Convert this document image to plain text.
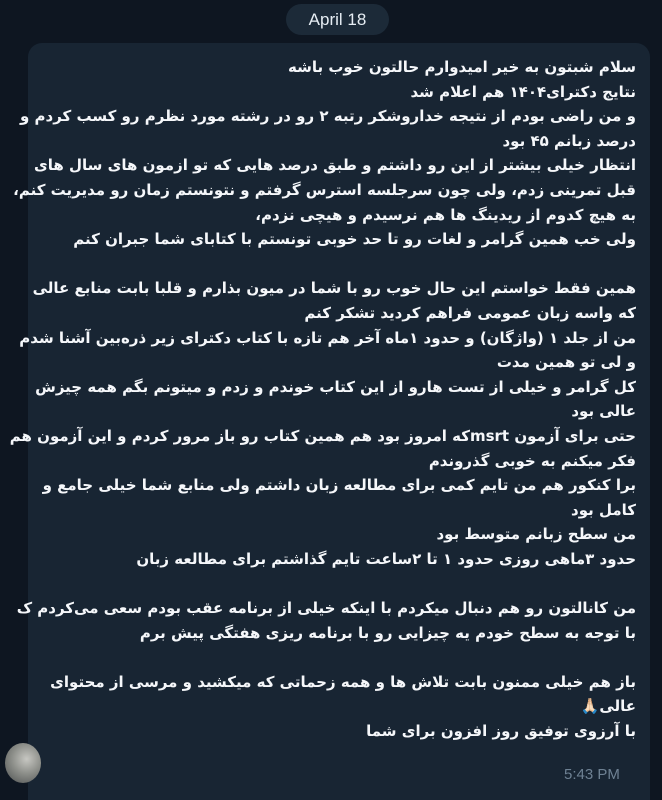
April 18
سلام شبتون به خیر امیدوارم حالتون خوب باشه
نتایج دکترای۱۴۰۴ هم اعلام شد
و من راضی بودم از نتیجه خداروشکر رتبه ۲ رو در رشته مورد نظرم رو کسب کردم و
درصد زبانم ۴۵ بود
انتظار خیلی بیشتر از این رو داشتم و طبق درصد هایی که تو ازمون های سال های
قبل تمرینی زدم، ولی چون سرجلسه استرس گرفتم و نتونستم زمان رو مدیریت کنم،
به هیچ کدوم از ریدینگ ها هم نرسیدم و هیچی نزدم،
ولی خب همین گرامر و لغات رو تا حد خوبی تونستم با کتابای شما جبران کنم
همین فقط خواستم این حال خوب رو با شما در میون بذارم و قلبا بابت منابع عالی
که واسه زبان عمومی فراهم کردید تشکر کنم
من از جلد ۱ (واژگان) و حدود ۱ماه آخر هم تازه با کتاب دکترای زیر ذره‌بین آشنا شدم
و لی تو همین مدت
کل گرامر و خیلی از تست هارو از این کتاب خوندم و زدم و میتونم بگم همه چیزش
عالی بود
حتی برای آزمون msrtکه امروز بود هم همین کتاب رو باز مرور کردم و این آزمون هم
فکر میکنم به خوبی گذروندم
برا کنکور هم من تایم کمی برای مطالعه زبان داشتم ولی منابع شما خیلی جامع و
کامل بود
من سطح زبانم متوسط بود
حدود ۳ماهی روزی حدود ۱ تا ۲ساعت تایم گذاشتم برای مطالعه زبان
من کانالتون رو هم دنبال میکردم با اینکه خیلی از برنامه عقب بودم سعی می‌کردم ک
با توجه به سطح خودم یه چیزایی رو با برنامه ریزی هفتگی پیش برم
باز هم خیلی ممنون بابت تلاش ها و همه زحماتی که میکشید و مرسی از محتوای
عالی🙏🏻
با آرزوی توفیق روز افزون برای شما
5:43 PM
